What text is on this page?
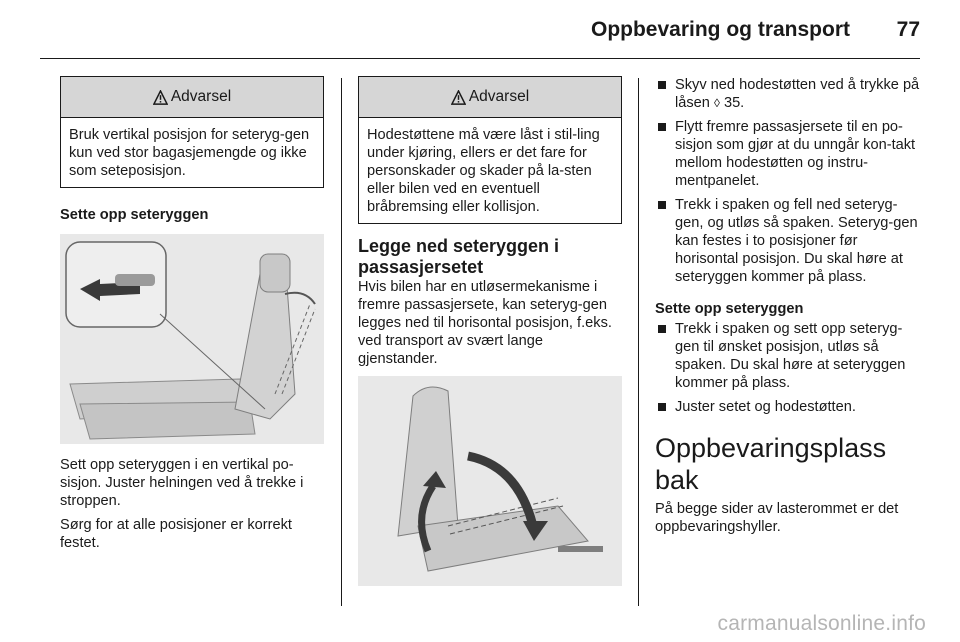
Oppbevaring og transport 77
Advarsel
Bruk vertikal posisjon for seteryg-gen kun ved stor bagasjemengde og ikke som seteposisjon.

Sette opp seteryggen

Sett opp seteryggen i en vertikal po-sisjon. Juster helningen ved å trekke i stroppen.

Sørg for at alle posisjoner er korrekt festet.

Advarsel
Hodestøttene må være låst i stil-ling under kjøring, ellers er det fare for personskader og skader på la-sten eller bilen ved en eventuell bråbremsing eller kollisjon.
Legge ned seteryggen i passasjersetet

Hvis bilen har en utløsermekanisme i fremre passasjersete, kan seteryg-gen legges ned til horisontal posisjon, f.eks. ved transport av svært lange gjenstander.

Skyv ned hodestøtten ved å trykke på låsen ◊ 35.
Flytt fremre passasjersete til en po-sisjon som gjør at du unngår kon-takt mellom hodestøtten og instru-mentpanelet.
Trekk i spaken og fell ned seteryg-gen, og utløs så spaken. Seteryg-gen kan festes i to posisjoner før horisontal posisjon. Du skal høre at seteryggen kommer på plass.

Sette opp seteryggen

Trekk i spaken og sett opp seteryg-gen til ønsket posisjon, utløs så spaken. Du skal høre at seteryggen kommer på plass.
Juster setet og hodestøtten.
Oppbevaringsplass bak

På begge sider av lasterommet er det oppbevaringshyller.

carmanualsonline.info
